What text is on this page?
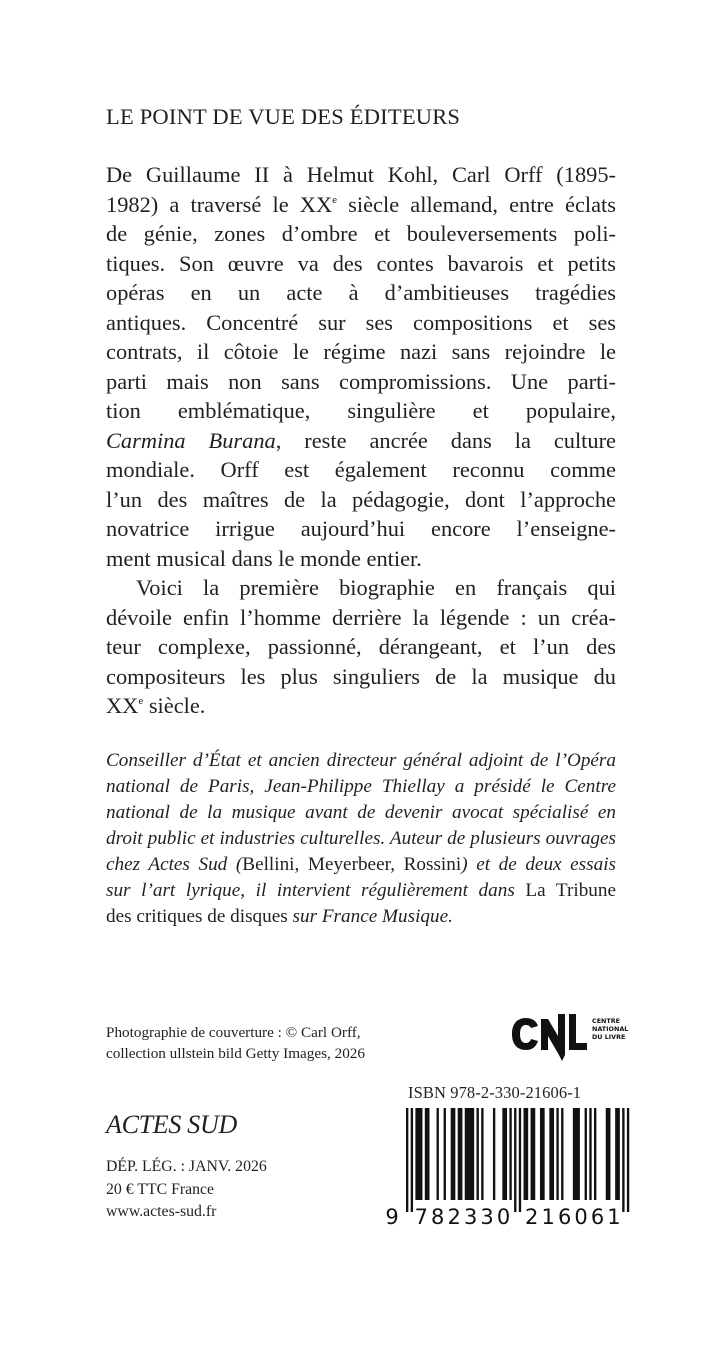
LE POINT DE VUE DES ÉDITEURS
De Guillaume II à Helmut Kohl, Carl Orff (1895-
1982) a traversé le XXe siècle allemand, entre éclats
de génie, zones d’ombre et bouleversements poli-
tiques. Son œuvre va des contes bavarois et petits
opéras en un acte à d’ambitieuses tragédies
antiques. Concentré sur ses compositions et ses
contrats, il côtoie le régime nazi sans rejoindre le
parti mais non sans compromissions. Une parti-
tion emblématique, singulière et populaire,
Carmina Burana, reste ancrée dans la culture
mondiale. Orff est également reconnu comme
l’un des maîtres de la pédagogie, dont l’approche
novatrice irrigue aujourd’hui encore l’enseigne-
ment musical dans le monde entier.
Voici la première biographie en français qui
dévoile enfin l’homme derrière la légende : un créa-
teur complexe, passionné, dérangeant, et l’un des
compositeurs les plus singuliers de la musique du
XXe siècle.
Conseiller d’État et ancien directeur général adjoint de l’Opéra
national de Paris, Jean-Philippe Thiellay a présidé le Centre
national de la musique avant de devenir avocat spécialisé en
droit public et industries culturelles. Auteur de plusieurs ouvrages
chez Actes Sud (Bellini, Meyerbeer, Rossini) et de deux essais
sur l’art lyrique, il intervient régulièrement dans La Tribune
des critiques de disques sur France Musique.
Photographie de couverture : © Carl Orff,
collection ullstein bild Getty Images, 2026
CENTRE
NATIONAL
DU LIVRE
ACTES SUD
DÉP. LÉG. : JANV. 2026
20 € TTC France
www.actes-sud.fr
ISBN 978-2-330-21606-1
9 7 8 2 3 3 0 2 1 6 0 6 1
